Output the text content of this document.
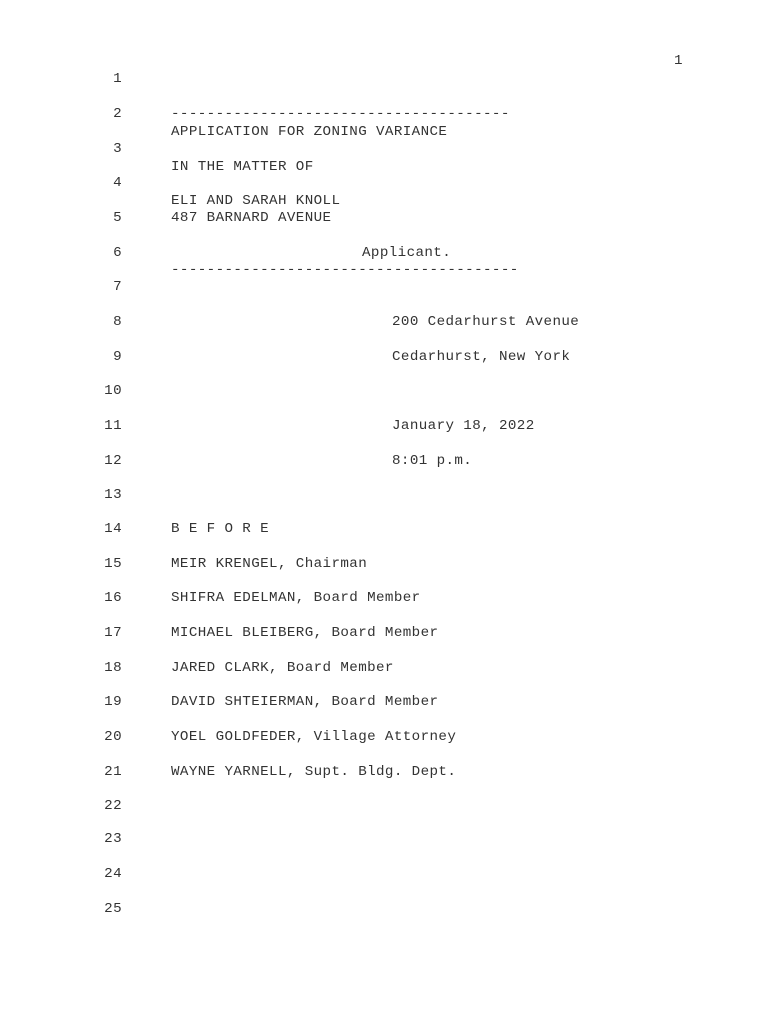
1
1
2
3
4
5
6
7
8
9
10
11
12
13
14
15
16
17
18
19
20
21
22
23
24
25
--------------------------------------
APPLICATION FOR ZONING VARIANCE
IN THE MATTER OF
ELI AND SARAH KNOLL
487 BARNARD AVENUE
Applicant.
---------------------------------------
200 Cedarhurst Avenue
Cedarhurst, New York
January 18, 2022
8:01 p.m.
B E F O R E
MEIR KRENGEL, Chairman
SHIFRA EDELMAN, Board Member
MICHAEL BLEIBERG, Board Member
JARED CLARK, Board Member
DAVID SHTEIERMAN, Board Member
YOEL GOLDFEDER, Village Attorney
WAYNE YARNELL, Supt. Bldg. Dept.
